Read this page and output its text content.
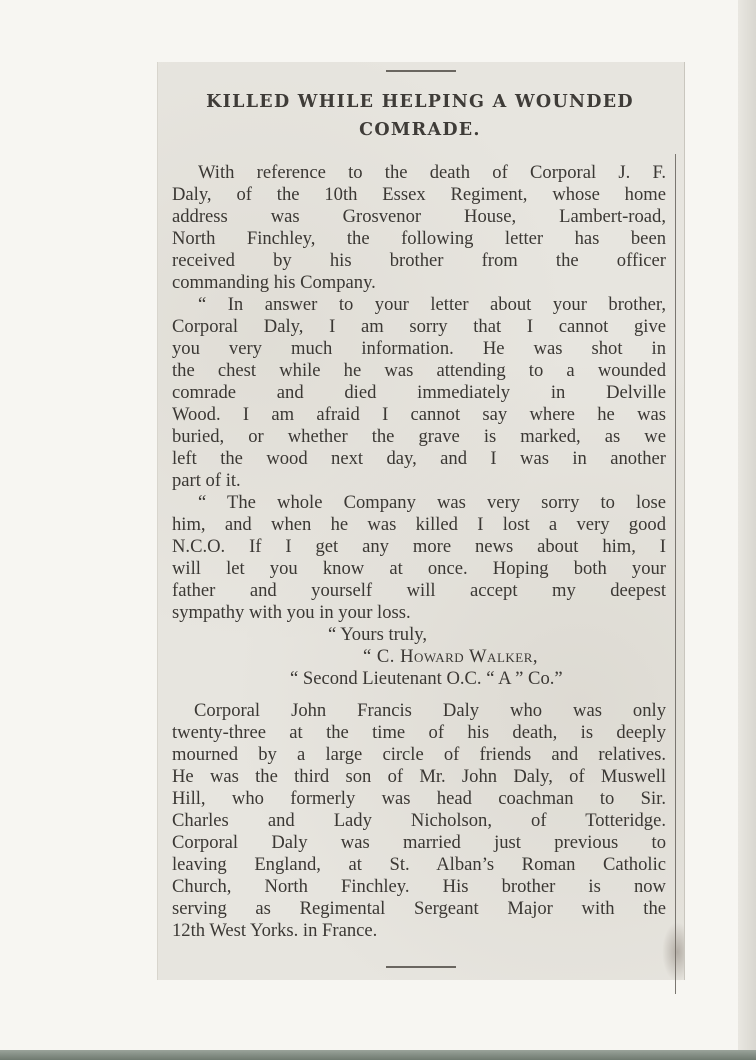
KILLED WHILE HELPING A WOUNDED
COMRADE.
With reference to the death of Corporal J. F.
Daly, of the 10th Essex Regiment, whose home
address was Grosvenor House, Lambert-road,
North Finchley, the following letter has been
received by his brother from the officer
commanding his Company.
“ In answer to your letter about your brother,
Corporal Daly, I am sorry that I cannot give
you very much information. He was shot in
the chest while he was attending to a wounded
comrade and died immediately in Delville
Wood. I am afraid I cannot say where he was
buried, or whether the grave is marked, as we
left the wood next day, and I was in another
part of it.
“ The whole Company was very sorry to lose
him, and when he was killed I lost a very good
N.C.O. If I get any more news about him, I
will let you know at once. Hoping both your
father and yourself will accept my deepest
sympathy with you in your loss.
“ Yours truly,
“ C. Howard Walker,
“ Second Lieutenant O.C. “ A ” Co.”
Corporal John Francis Daly who was only
twenty-three at the time of his death, is deeply
mourned by a large circle of friends and relatives.
He was the third son of Mr. John Daly, of Muswell
Hill, who formerly was head coachman to Sir.
Charles and Lady Nicholson, of Totteridge.
Corporal Daly was married just previous to
leaving England, at St. Alban’s Roman Catholic
Church, North Finchley. His brother is now
serving as Regimental Sergeant Major with the
12th West Yorks. in France.
